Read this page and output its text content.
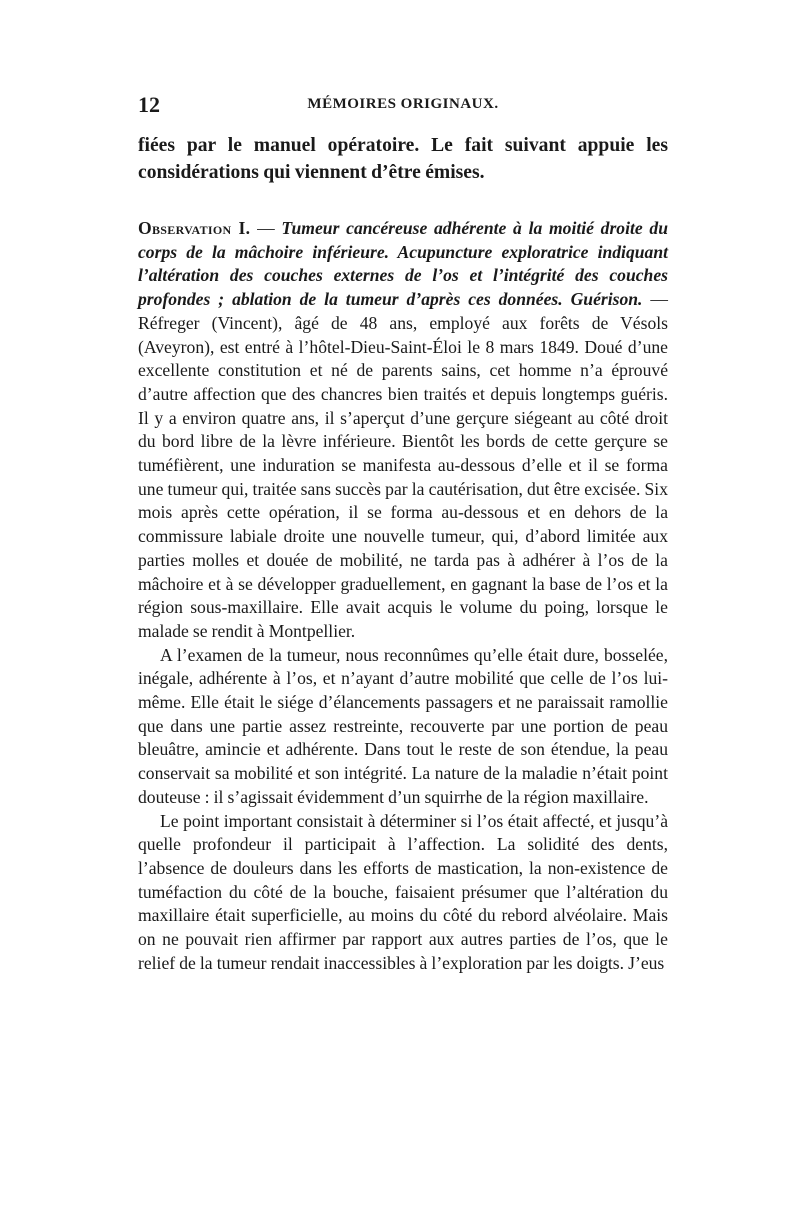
12	MÉMOIRES ORIGINAUX.
fiées par le manuel opératoire. Le fait suivant appuie les considérations qui viennent d’être émises.
Observation I. — Tumeur cancéreuse adhérente à la moitié droite du corps de la mâchoire inférieure. Acupuncture exploratrice indiquant l’altération des couches externes de l’os et l’intégrité des couches profondes ; ablation de la tumeur d’après ces données. Guérison. — Réfreger (Vincent), âgé de 48 ans, employé aux forêts de Vésols (Aveyron), est entré à l’hôtel-Dieu-Saint-Éloi le 8 mars 1849. Doué d’une excellente constitution et né de parents sains, cet homme n’a éprouvé d’autre affection que des chancres bien traités et depuis longtemps guéris. Il y a environ quatre ans, il s’aperçut d’une gerçure siégeant au côté droit du bord libre de la lèvre inférieure. Bientôt les bords de cette gerçure se tuméfièrent, une induration se manifesta au-dessous d’elle et il se forma une tumeur qui, traitée sans succès par la cautérisation, dut être excisée. Six mois après cette opération, il se forma au-dessous et en dehors de la commissure labiale droite une nouvelle tumeur, qui, d’abord limitée aux parties molles et douée de mobilité, ne tarda pas à adhérer à l’os de la mâchoire et à se développer graduellement, en gagnant la base de l’os et la région sous-maxillaire. Elle avait acquis le volume du poing, lorsque le malade se rendit à Montpellier.
A l’examen de la tumeur, nous reconnûmes qu’elle était dure, bosselée, inégale, adhérente à l’os, et n’ayant d’autre mobilité que celle de l’os lui-même. Elle était le siége d’élancements passagers et ne paraissait ramollie que dans une partie assez restreinte, recouverte par une portion de peau bleuâtre, amincie et adhérente. Dans tout le reste de son étendue, la peau conservait sa mobilité et son intégrité. La nature de la maladie n’était point douteuse : il s’agissait évidemment d’un squirrhe de la région maxillaire.
Le point important consistait à déterminer si l’os était affecté, et jusqu’à quelle profondeur il participait à l’affection. La solidité des dents, l’absence de douleurs dans les efforts de mastication, la non-existence de tuméfaction du côté de la bouche, faisaient présumer que l’altération du maxillaire était superficielle, au moins du côté du rebord alvéolaire. Mais on ne pouvait rien affirmer par rapport aux autres parties de l’os, que le relief de la tumeur rendait inaccessibles à l’exploration par les doigts. J’eus
